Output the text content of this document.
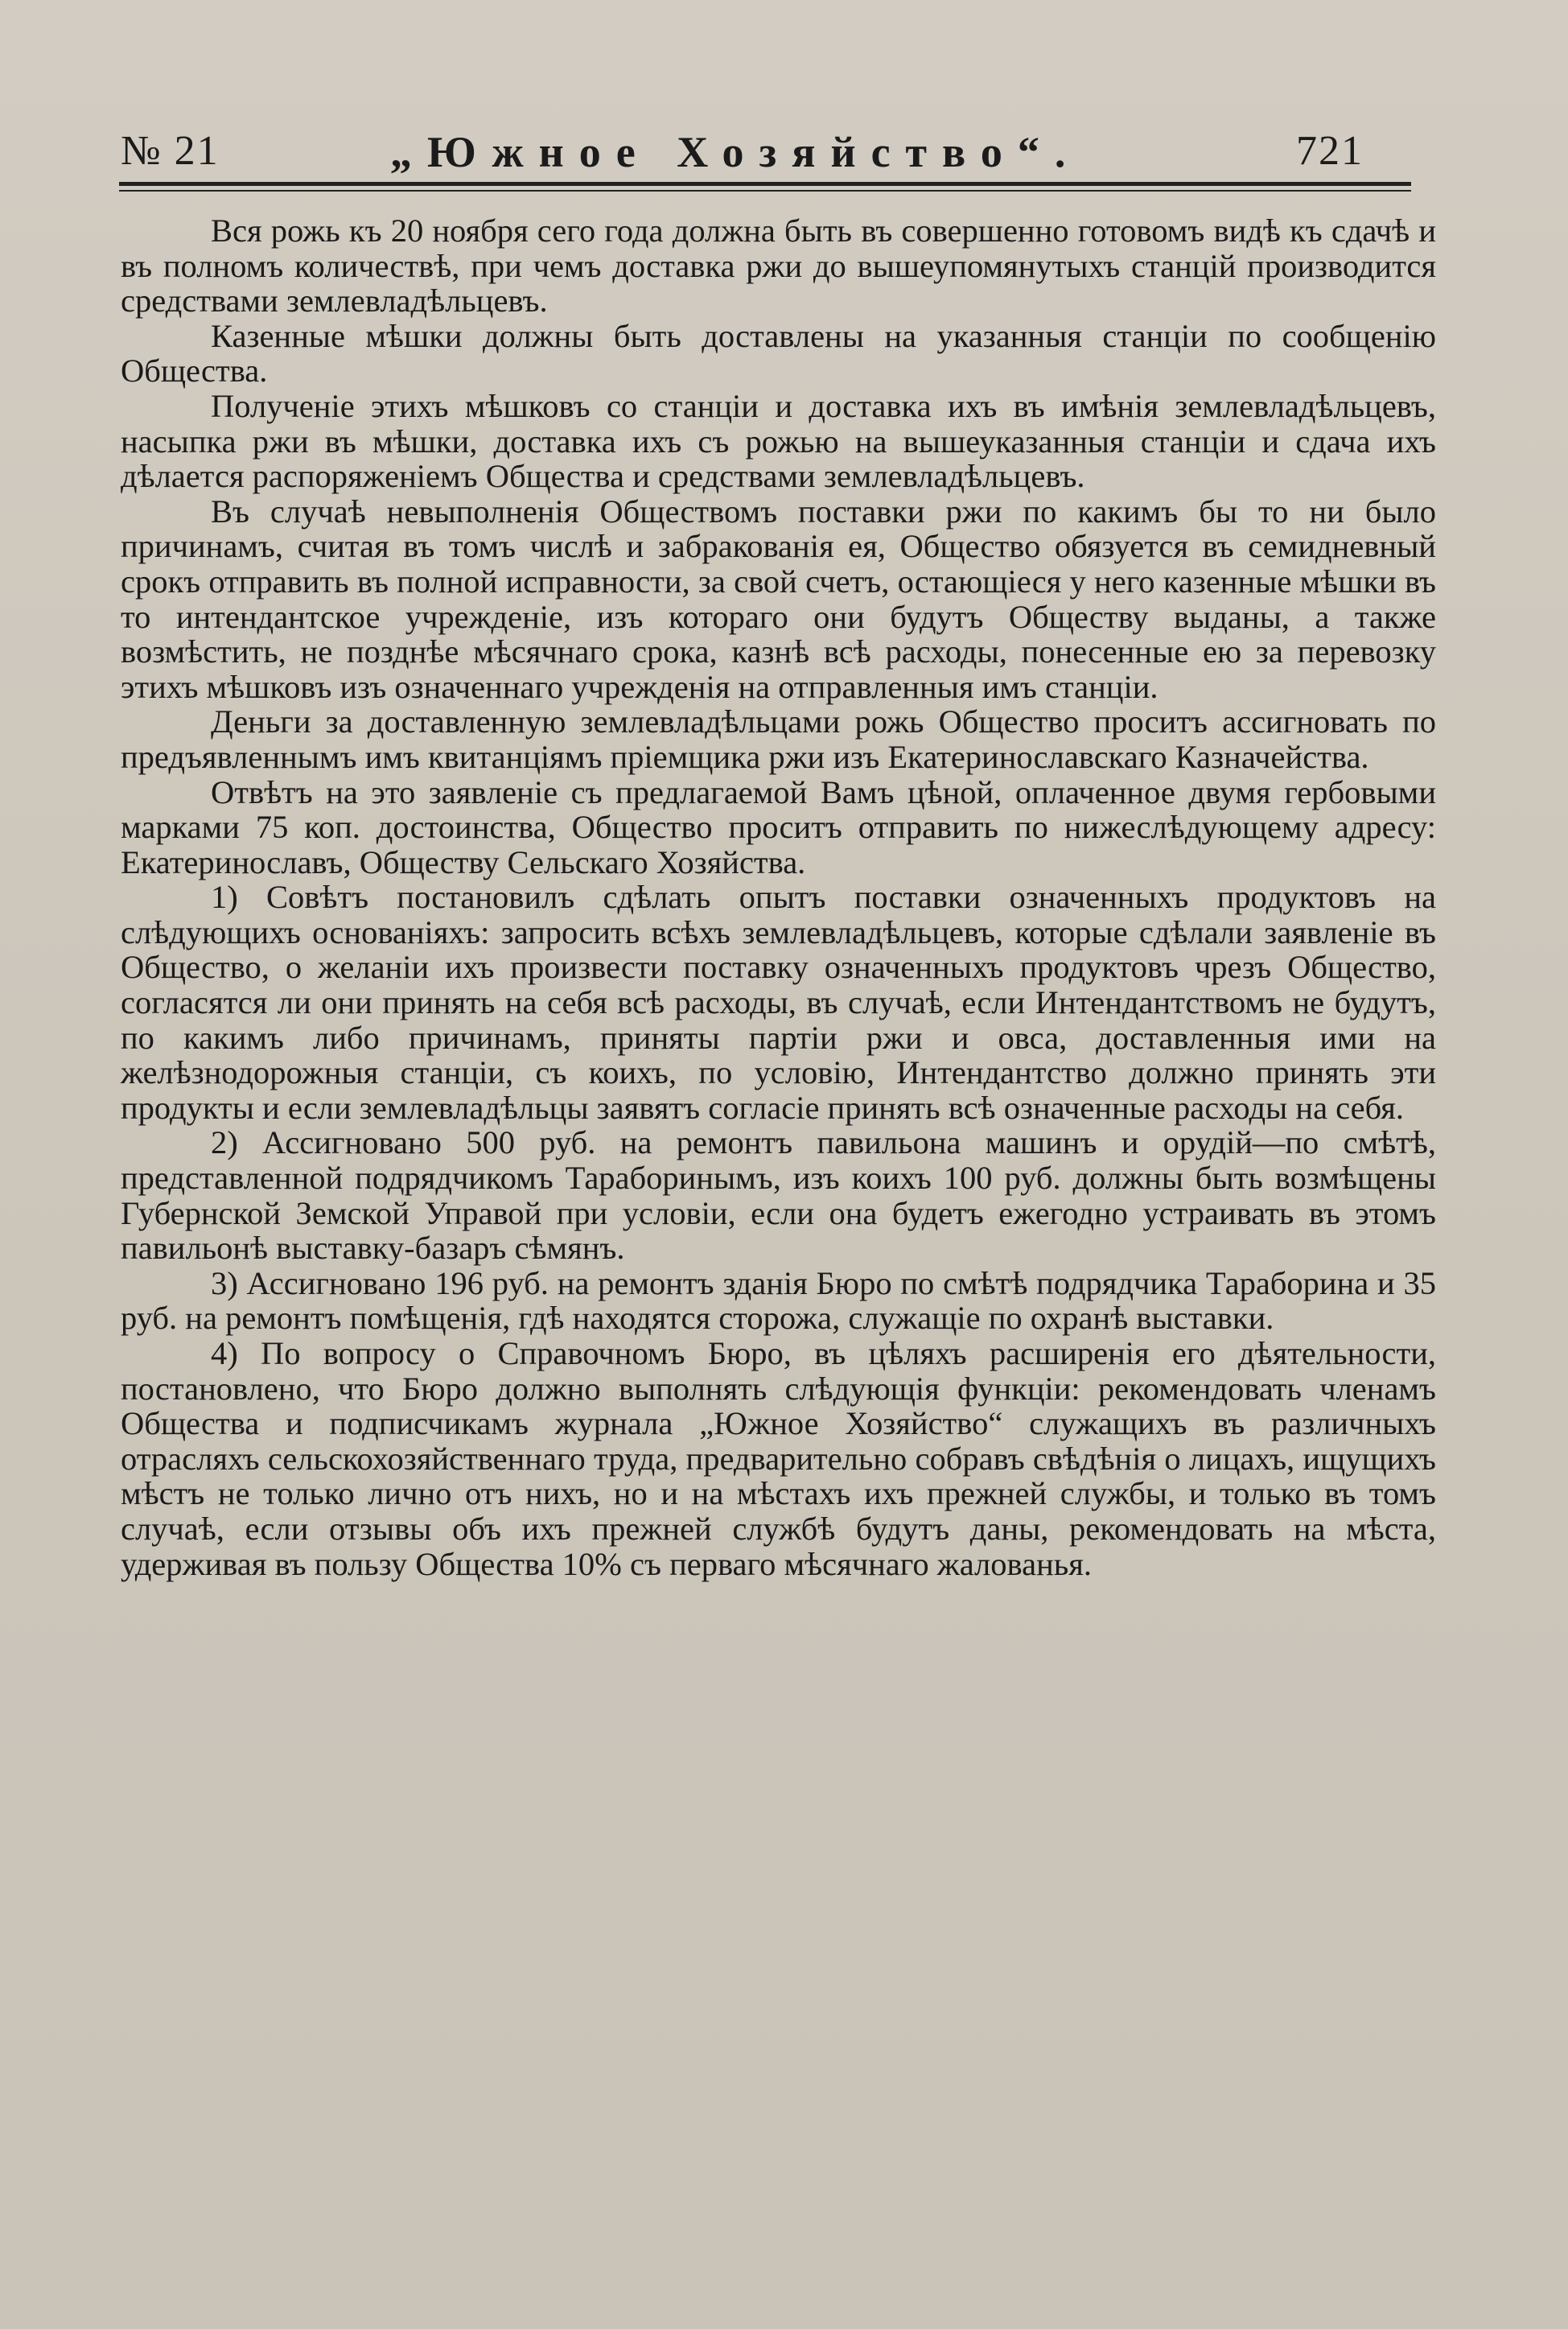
№ 21	„Южное Хозяйство“.	721

Вся рожь къ 20 ноября сего года должна быть въ совершенно готовомъ видѣ къ сдачѣ и въ полномъ количествѣ, при чемъ доставка ржи до вышеупомянутыхъ станцій производится средствами землевладѣльцевъ.

Казенные мѣшки должны быть доставлены на указанныя станціи по сообщенію Общества.

Полученіе этихъ мѣшковъ со станціи и доставка ихъ въ имѣнія землевладѣльцевъ, насыпка ржи въ мѣшки, доставка ихъ съ рожью на вышеуказанныя станціи и сдача ихъ дѣлается распоряженіемъ Общества и средствами землевладѣльцевъ.

Въ случаѣ невыполненія Обществомъ поставки ржи по какимъ бы то ни было причинамъ, считая въ томъ числѣ и забракованія ея, Общество обязуется въ семидневный срокъ отправить въ полной исправности, за свой счетъ, остающіеся у него казенные мѣшки въ то интендантское учрежденіе, изъ котораго они будутъ Обществу выданы, а также возмѣстить, не позднѣе мѣсячнаго срока, казнѣ всѣ расходы, понесенные ею за перевозку этихъ мѣшковъ изъ означеннаго учрежденія на отправленныя имъ станціи.

Деньги за доставленную землевладѣльцами рожь Общество проситъ ассигновать по предъявленнымъ имъ квитанціямъ пріемщика ржи изъ Екатеринославскаго Казначейства.

Отвѣтъ на это заявленіе съ предлагаемой Вамъ цѣной, оплаченное двумя гербовыми марками 75 коп. достоинства, Общество проситъ отправить по нижеслѣдующему адресу: Екатеринославъ, Обществу Сельскаго Хозяйства.

1) Совѣтъ постановилъ сдѣлать опытъ поставки означенныхъ продуктовъ на слѣдующихъ основаніяхъ: запросить всѣхъ землевладѣльцевъ, которые сдѣлали заявленіе въ Общество, о желаніи ихъ произвести поставку означенныхъ продуктовъ чрезъ Общество, согласятся ли они принять на себя всѣ расходы, въ случаѣ, если Интендантствомъ не будутъ, по какимъ либо причинамъ, приняты партіи ржи и овса, доставленныя ими на желѣзнодорожныя станціи, съ коихъ, по условію, Интендантство должно принять эти продукты и если землевладѣльцы заявятъ согласіе принять всѣ означенные расходы на себя.

2) Ассигновано 500 руб. на ремонтъ павильона машинъ и орудій—по смѣтѣ, представленной подрядчикомъ Тараборинымъ, изъ коихъ 100 руб. должны быть возмѣщены Губернской Земской Управой при условіи, если она будетъ ежегодно устраивать въ этомъ павильонѣ выставку-базаръ сѣмянъ.

3) Ассигновано 196 руб. на ремонтъ зданія Бюро по смѣтѣ подрядчика Тараборина и 35 руб. на ремонтъ помѣщенія, гдѣ находятся сторожа, служащіе по охранѣ выставки.

4) По вопросу о Справочномъ Бюро, въ цѣляхъ расширенія его дѣятельности, постановлено, что Бюро должно выполнять слѣдующія функціи: рекомендовать членамъ Общества и подписчикамъ журнала „Южное Хозяйство“ служащихъ въ различныхъ отрасляхъ сельскохозяйственнаго труда, предварительно собравъ свѣдѣнія о лицахъ, ищущихъ мѣстъ не только лично отъ нихъ, но и на мѣстахъ ихъ прежней службы, и только въ томъ случаѣ, если отзывы объ ихъ прежней службѣ будутъ даны, рекомендовать на мѣста, удерживая въ пользу Общества 10% съ перваго мѣсячнаго жалованья.
